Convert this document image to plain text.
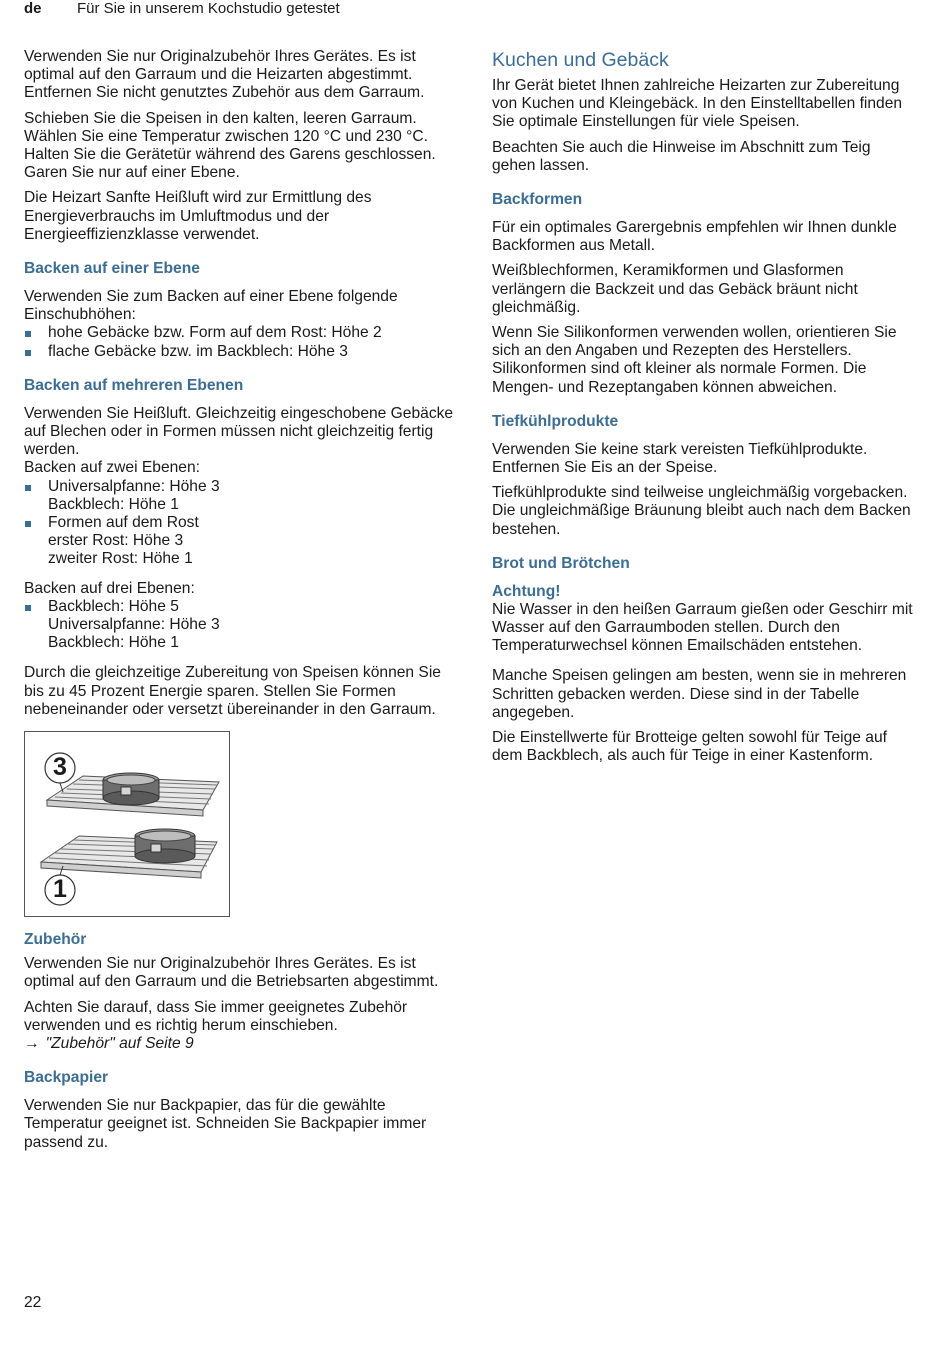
de Für Sie in unserem Kochstudio getestet

Verwenden Sie nur Originalzubehör Ihres Gerätes. Es ist optimal auf den Garraum und die Heizarten abgestimmt. Entfernen Sie nicht genutztes Zubehör aus dem Garraum.

Schieben Sie die Speisen in den kalten, leeren Garraum. Wählen Sie eine Temperatur zwischen 120 °C und 230 °C. Halten Sie die Gerätetür während des Garens geschlossen. Garen Sie nur auf einer Ebene.

Die Heizart Sanfte Heißluft wird zur Ermittlung des Energieverbrauchs im Umluftmodus und der Energieeffizienzklasse verwendet.

Backen auf einer Ebene

Verwenden Sie zum Backen auf einer Ebene folgende Einschubhöhen:

hohe Gebäcke bzw. Form auf dem Rost: Höhe 2
flache Gebäcke bzw. im Backblech: Höhe 3
Backen auf mehreren Ebenen

Verwenden Sie Heißluft. Gleichzeitig eingeschobene Gebäcke auf Blechen oder in Formen müssen nicht gleichzeitig fertig werden.

Backen auf zwei Ebenen:

Universalpfanne: Höhe 3
Backblech: Höhe 1
Formen auf dem Rost
erster Rost: Höhe 3
zweiter Rost: Höhe 1

Backen auf drei Ebenen:

Backblech: Höhe 5
Universalpfanne: Höhe 3
Backblech: Höhe 1

Durch die gleichzeitige Zubereitung von Speisen können Sie bis zu 45 Prozent Energie sparen. Stellen Sie Formen nebeneinander oder versetzt übereinander in den Garraum.

3
1
Zubehör

Verwenden Sie nur Originalzubehör Ihres Gerätes. Es ist optimal auf den Garraum und die Betriebsarten abgestimmt.

Achten Sie darauf, dass Sie immer geeignetes Zubehör verwenden und es richtig herum einschieben.

→ "Zubehör" auf Seite 9

Backpapier

Verwenden Sie nur Backpapier, das für die gewählte Temperatur geeignet ist. Schneiden Sie Backpapier immer passend zu.

Kuchen und Gebäck

Ihr Gerät bietet Ihnen zahlreiche Heizarten zur Zubereitung von Kuchen und Kleingebäck. In den Einstelltabellen finden Sie optimale Einstellungen für viele Speisen.

Beachten Sie auch die Hinweise im Abschnitt zum Teig gehen lassen.

Backformen

Für ein optimales Garergebnis empfehlen wir Ihnen dunkle Backformen aus Metall.

Weißblechformen, Keramikformen und Glasformen verlängern die Backzeit und das Gebäck bräunt nicht gleichmäßig.

Wenn Sie Silikonformen verwenden wollen, orientieren Sie sich an den Angaben und Rezepten des Herstellers. Silikonformen sind oft kleiner als normale Formen. Die Mengen- und Rezeptangaben können abweichen.

Tiefkühlprodukte

Verwenden Sie keine stark vereisten Tiefkühlprodukte. Entfernen Sie Eis an der Speise.

Tiefkühlprodukte sind teilweise ungleichmäßig vorgebacken. Die ungleichmäßige Bräunung bleibt auch nach dem Backen bestehen.

Brot und Brötchen
Achtung!

Nie Wasser in den heißen Garraum gießen oder Geschirr mit Wasser auf den Garraumboden stellen. Durch den Temperaturwechsel können Emailschäden entstehen.

Manche Speisen gelingen am besten, wenn sie in mehreren Schritten gebacken werden. Diese sind in der Tabelle angegeben.

Die Einstellwerte für Brotteige gelten sowohl für Teige auf dem Backblech, als auch für Teige in einer Kastenform.

22
